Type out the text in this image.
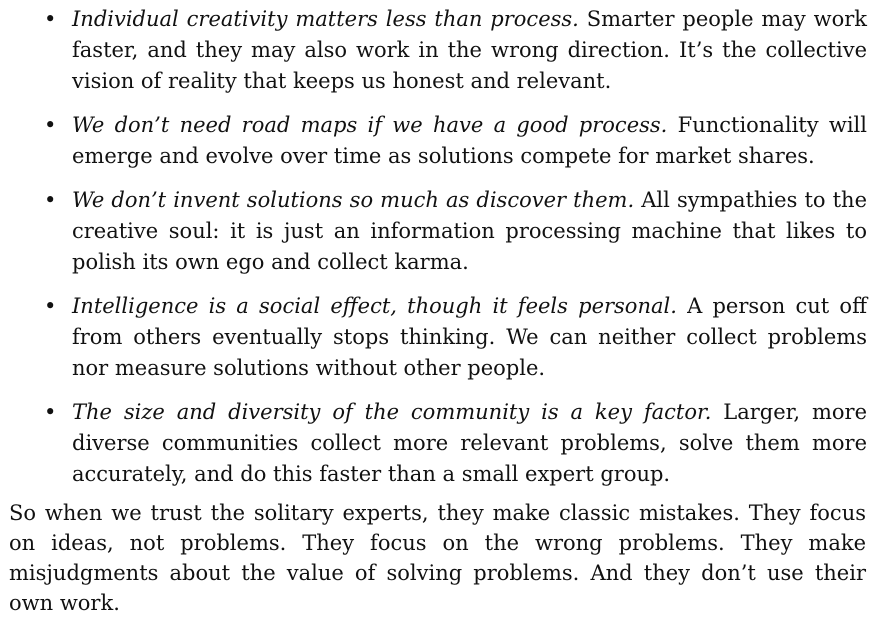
• Individual creativity matters less than process. Smarter people may work faster, and they may also work in the wrong direction. It’s the collective vision of reality that keeps us honest and relevant.
• We don’t need road maps if we have a good process. Functionality will emerge and evolve over time as solutions compete for market shares.
• We don’t invent solutions so much as discover them. All sympathies to the creative soul: it is just an information processing machine that likes to polish its own ego and collect karma.
• Intelligence is a social effect, though it feels personal. A person cut off from others eventually stops thinking. We can neither collect problems nor measure solutions without other people.
• The size and diversity of the community is a key factor. Larger, more diverse communities collect more relevant problems, solve them more accurately, and do this faster than a small expert group.

So when we trust the solitary experts, they make classic mistakes. They focus on ideas, not problems. They focus on the wrong problems. They make misjudgments about the value of solving problems. And they don’t use their own work.
